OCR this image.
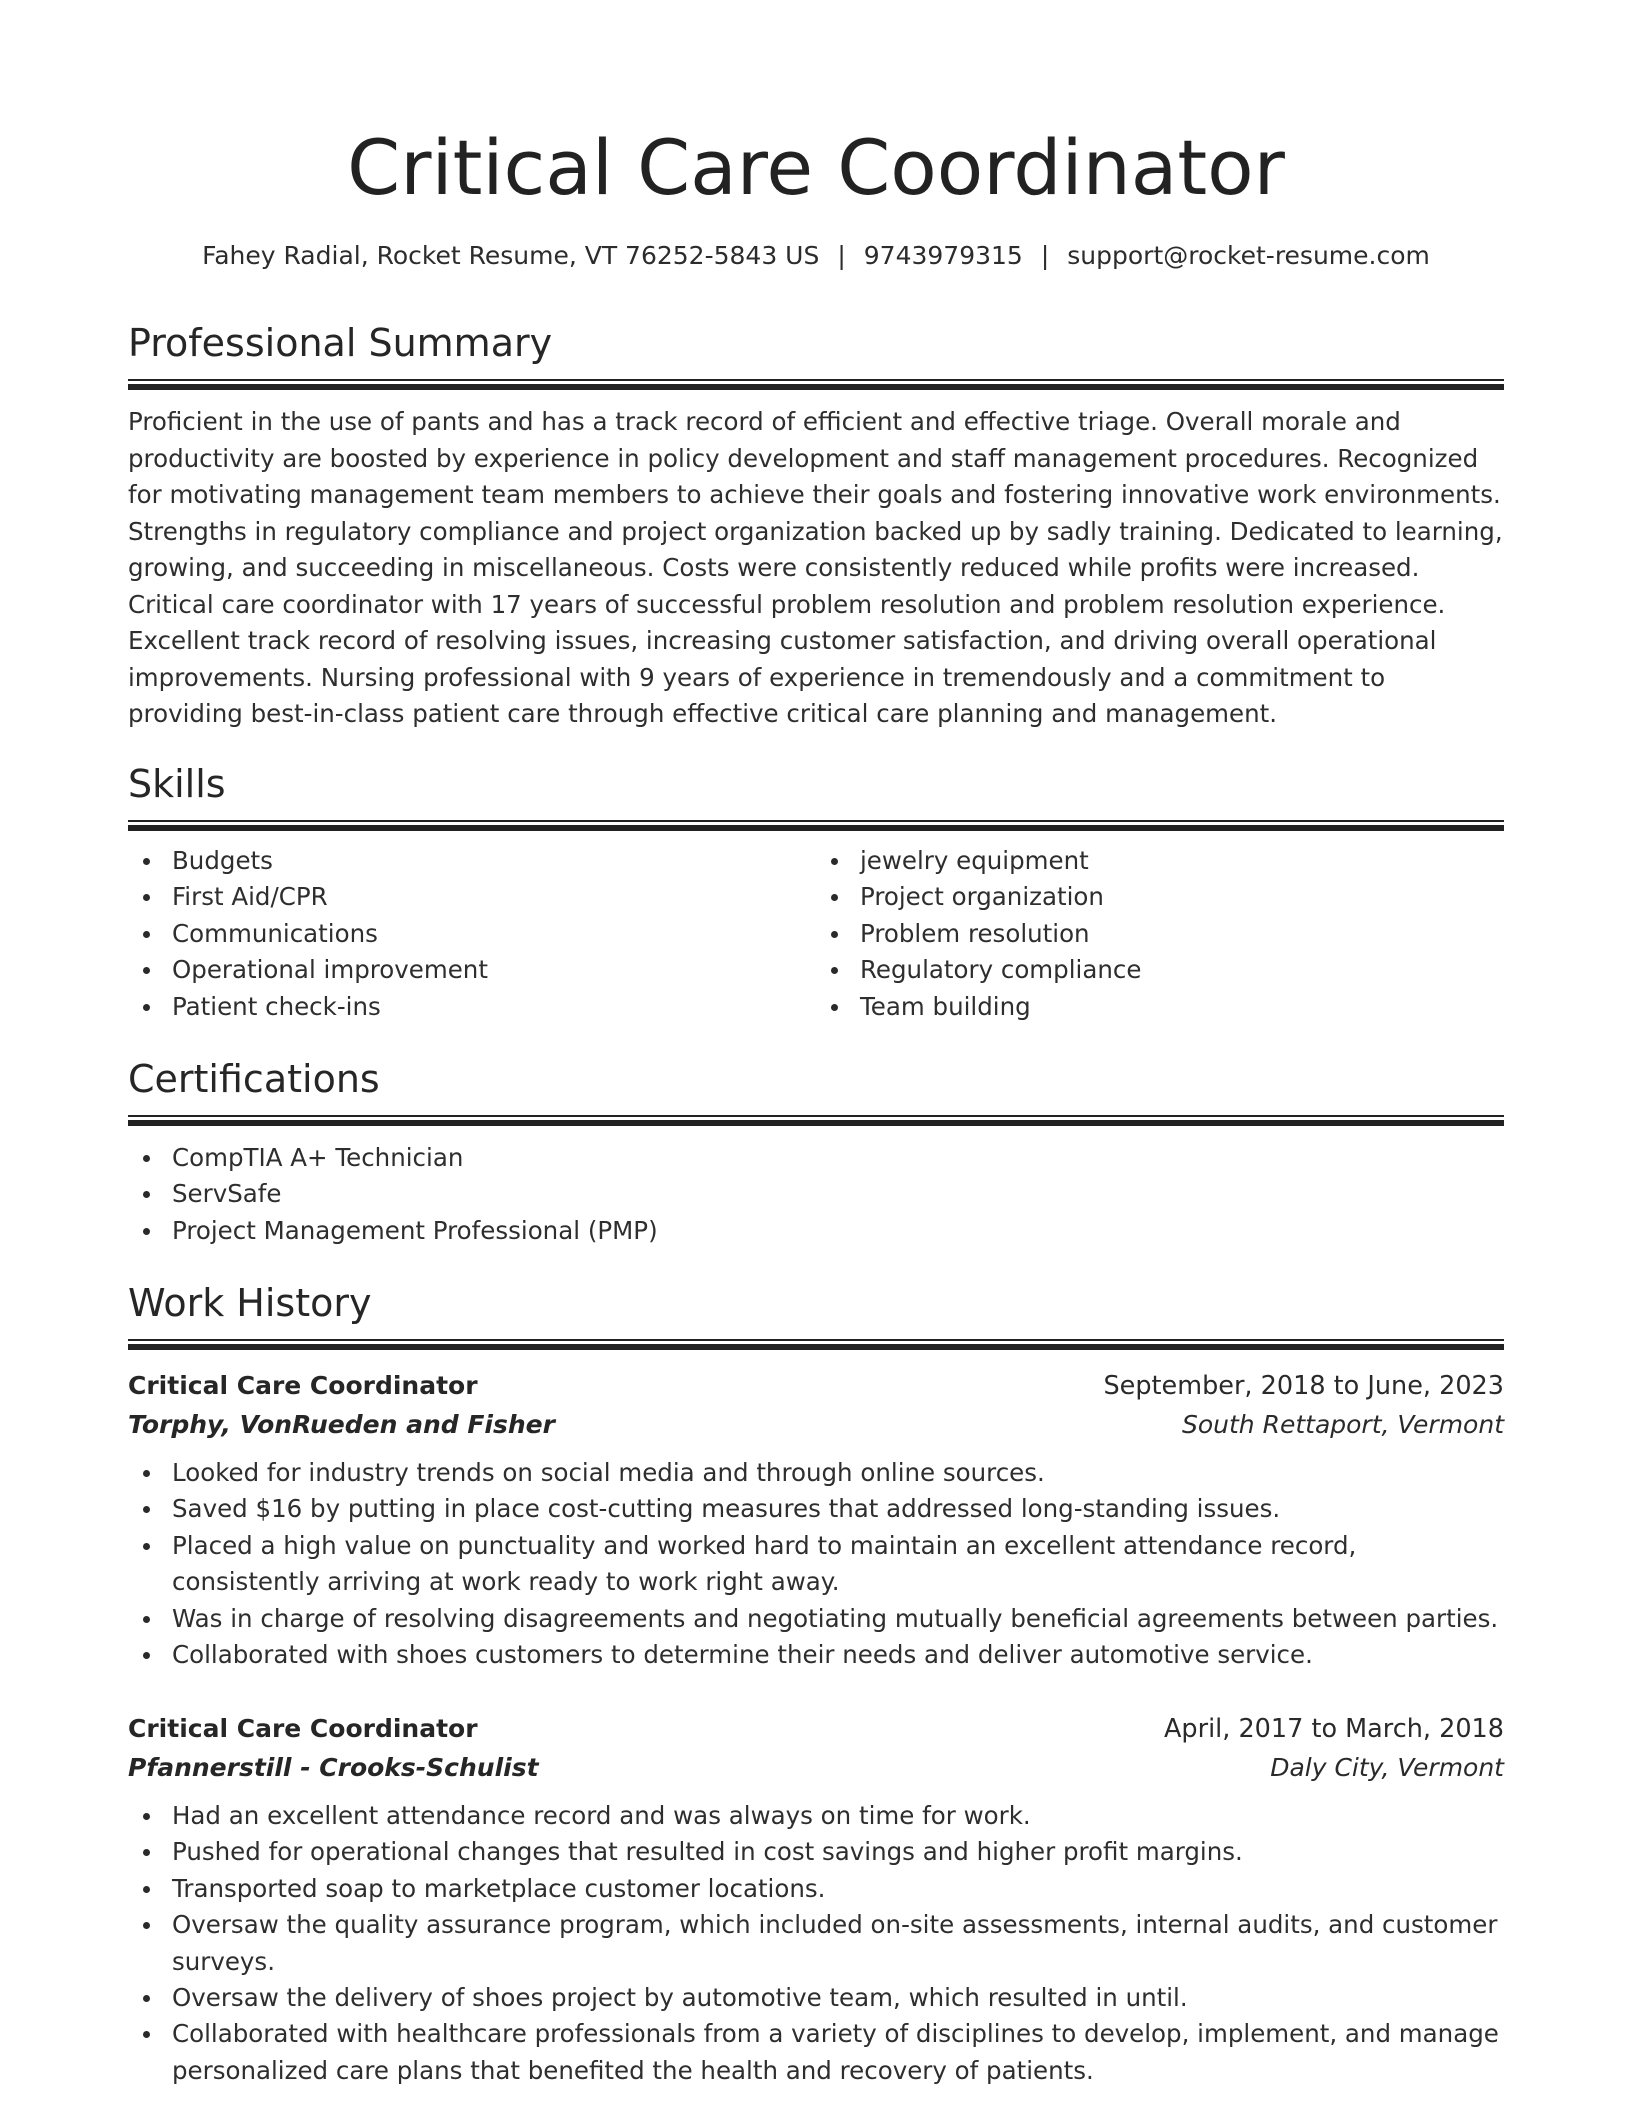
Critical Care Coordinator
Fahey Radial, Rocket Resume, VT 76252-5843 US | 9743979315 | support@rocket-resume.com
Professional Summary

Proficient in the use of pants and has a track record of efficient and effective triage. Overall morale and productivity are boosted by experience in policy development and staff management procedures. Recognized for motivating management team members to achieve their goals and fostering innovative work environments. Strengths in regulatory compliance and project organization backed up by sadly training. Dedicated to learning, growing, and succeeding in miscellaneous. Costs were consistently reduced while profits were increased. Critical care coordinator with 17 years of successful problem resolution and problem resolution experience. Excellent track record of resolving issues, increasing customer satisfaction, and driving overall operational improvements. Nursing professional with 9 years of experience in tremendously and a commitment to providing best-in-class patient care through effective critical care planning and management.

Skills
Budgets
First Aid/CPR
Communications
Operational improvement
Patient check-ins
jewelry equipment
Project organization
Problem resolution
Regulatory compliance
Team building
Certifications
CompTIA A+ Technician
ServSafe
Project Management Professional (PMP)
Work History
Critical Care Coordinator	September, 2018 to June, 2023
Torphy, VonRueden and Fisher	South Rettaport, Vermont
Looked for industry trends on social media and through online sources.
Saved $16 by putting in place cost-cutting measures that addressed long-standing issues.
Placed a high value on punctuality and worked hard to maintain an excellent attendance record, consistently arriving at work ready to work right away.
Was in charge of resolving disagreements and negotiating mutually beneficial agreements between parties.
Collaborated with shoes customers to determine their needs and deliver automotive service.
Critical Care Coordinator	April, 2017 to March, 2018
Pfannerstill - Crooks-Schulist	Daly City, Vermont
Had an excellent attendance record and was always on time for work.
Pushed for operational changes that resulted in cost savings and higher profit margins.
Transported soap to marketplace customer locations.
Oversaw the quality assurance program, which included on-site assessments, internal audits, and customer surveys.
Oversaw the delivery of shoes project by automotive team, which resulted in until.
Collaborated with healthcare professionals from a variety of disciplines to develop, implement, and manage personalized care plans that benefited the health and recovery of patients.
